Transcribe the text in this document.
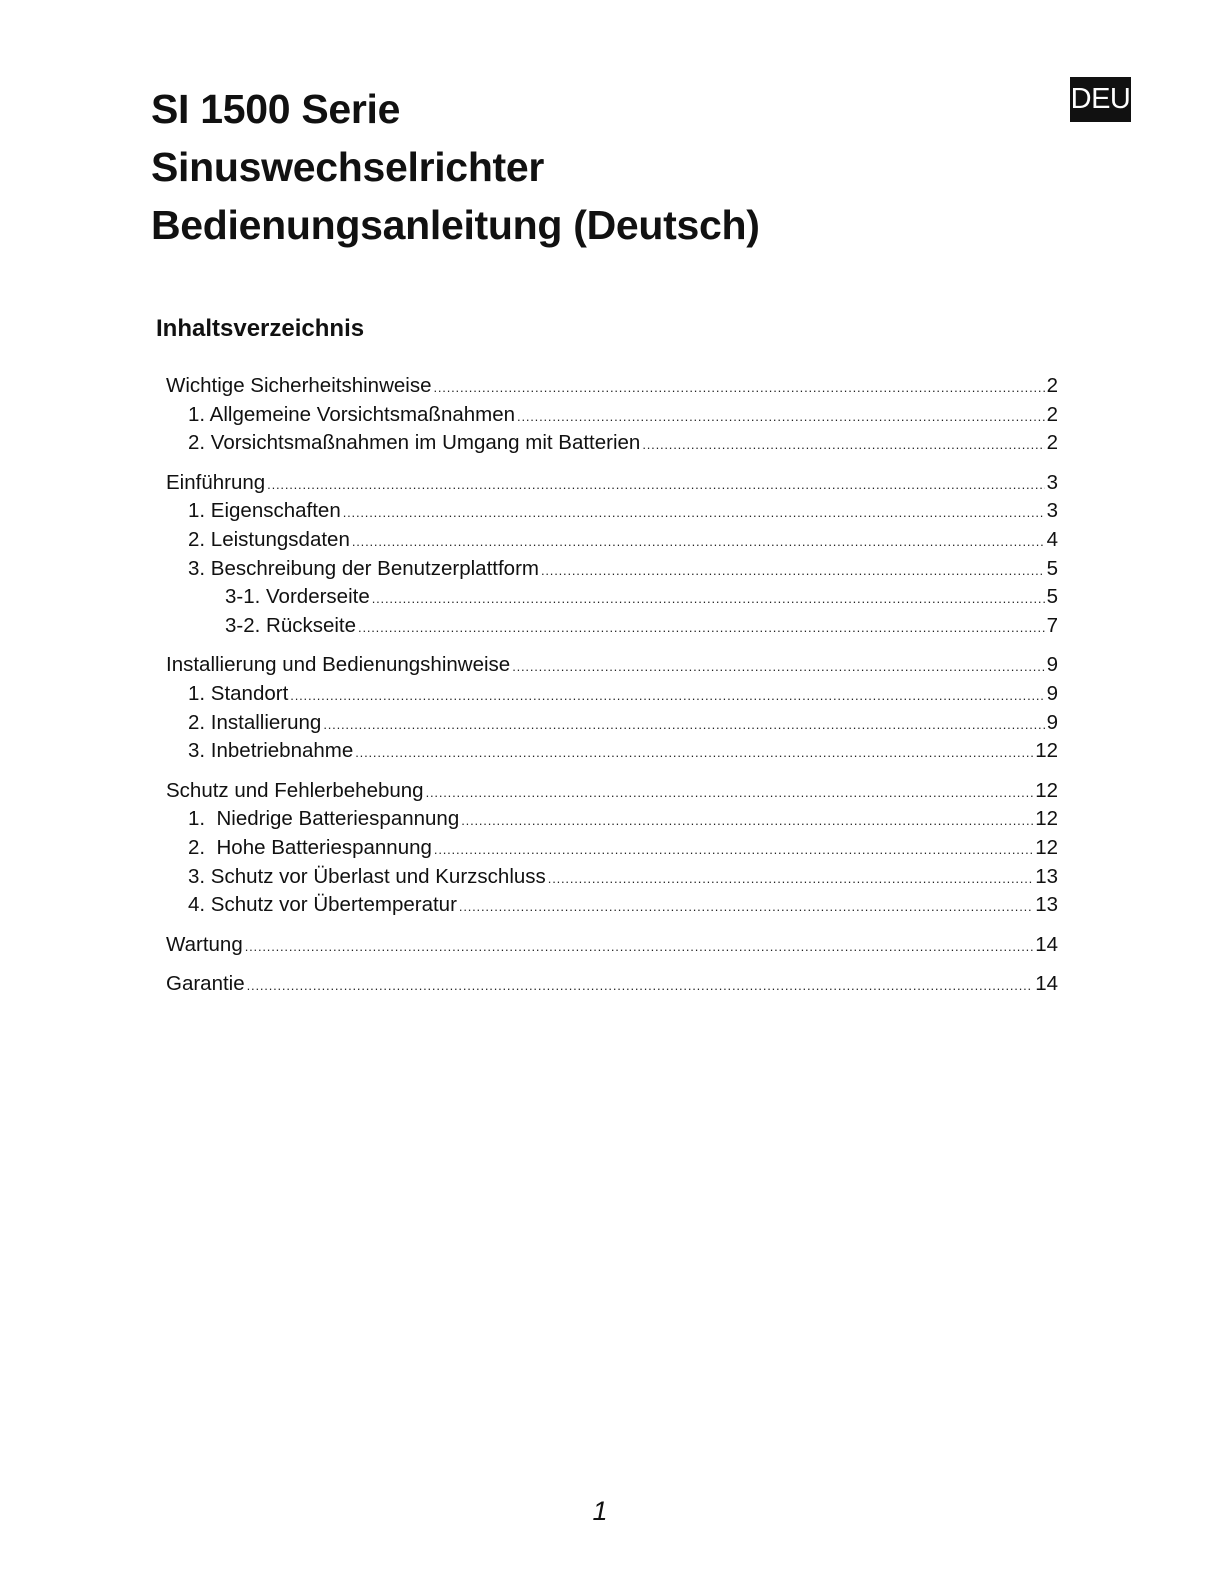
SI 1500 Serie
Sinuswechselrichter
Bedienungsanleitung (Deutsch)
DEU
Inhaltsverzeichnis
Wichtige Sicherheitshinweise .....	2
1. Allgemeine Vorsichtsmaßnahmen .....	2
2. Vorsichtsmaßnahmen im Umgang mit Batterien .....	2
Einführung .....	3
1. Eigenschaften .....	3
2. Leistungsdaten .....	4
3. Beschreibung der Benutzerplattform .....	5
3-1. Vorderseite .....	5
3-2. Rückseite .....	7
Installierung und Bedienungshinweise .....	9
1. Standort .....	9
2. Installierung .....	9
3. Inbetriebnahme .....	12
Schutz und Fehlerbehebung .....	12
1.  Niedrige Batteriespannung .....	12
2.  Hohe Batteriespannung .....	12
3. Schutz vor Überlast und Kurzschluss .....	13
4. Schutz vor Übertemperatur .....	13
Wartung .....	14
Garantie .....	14
1
